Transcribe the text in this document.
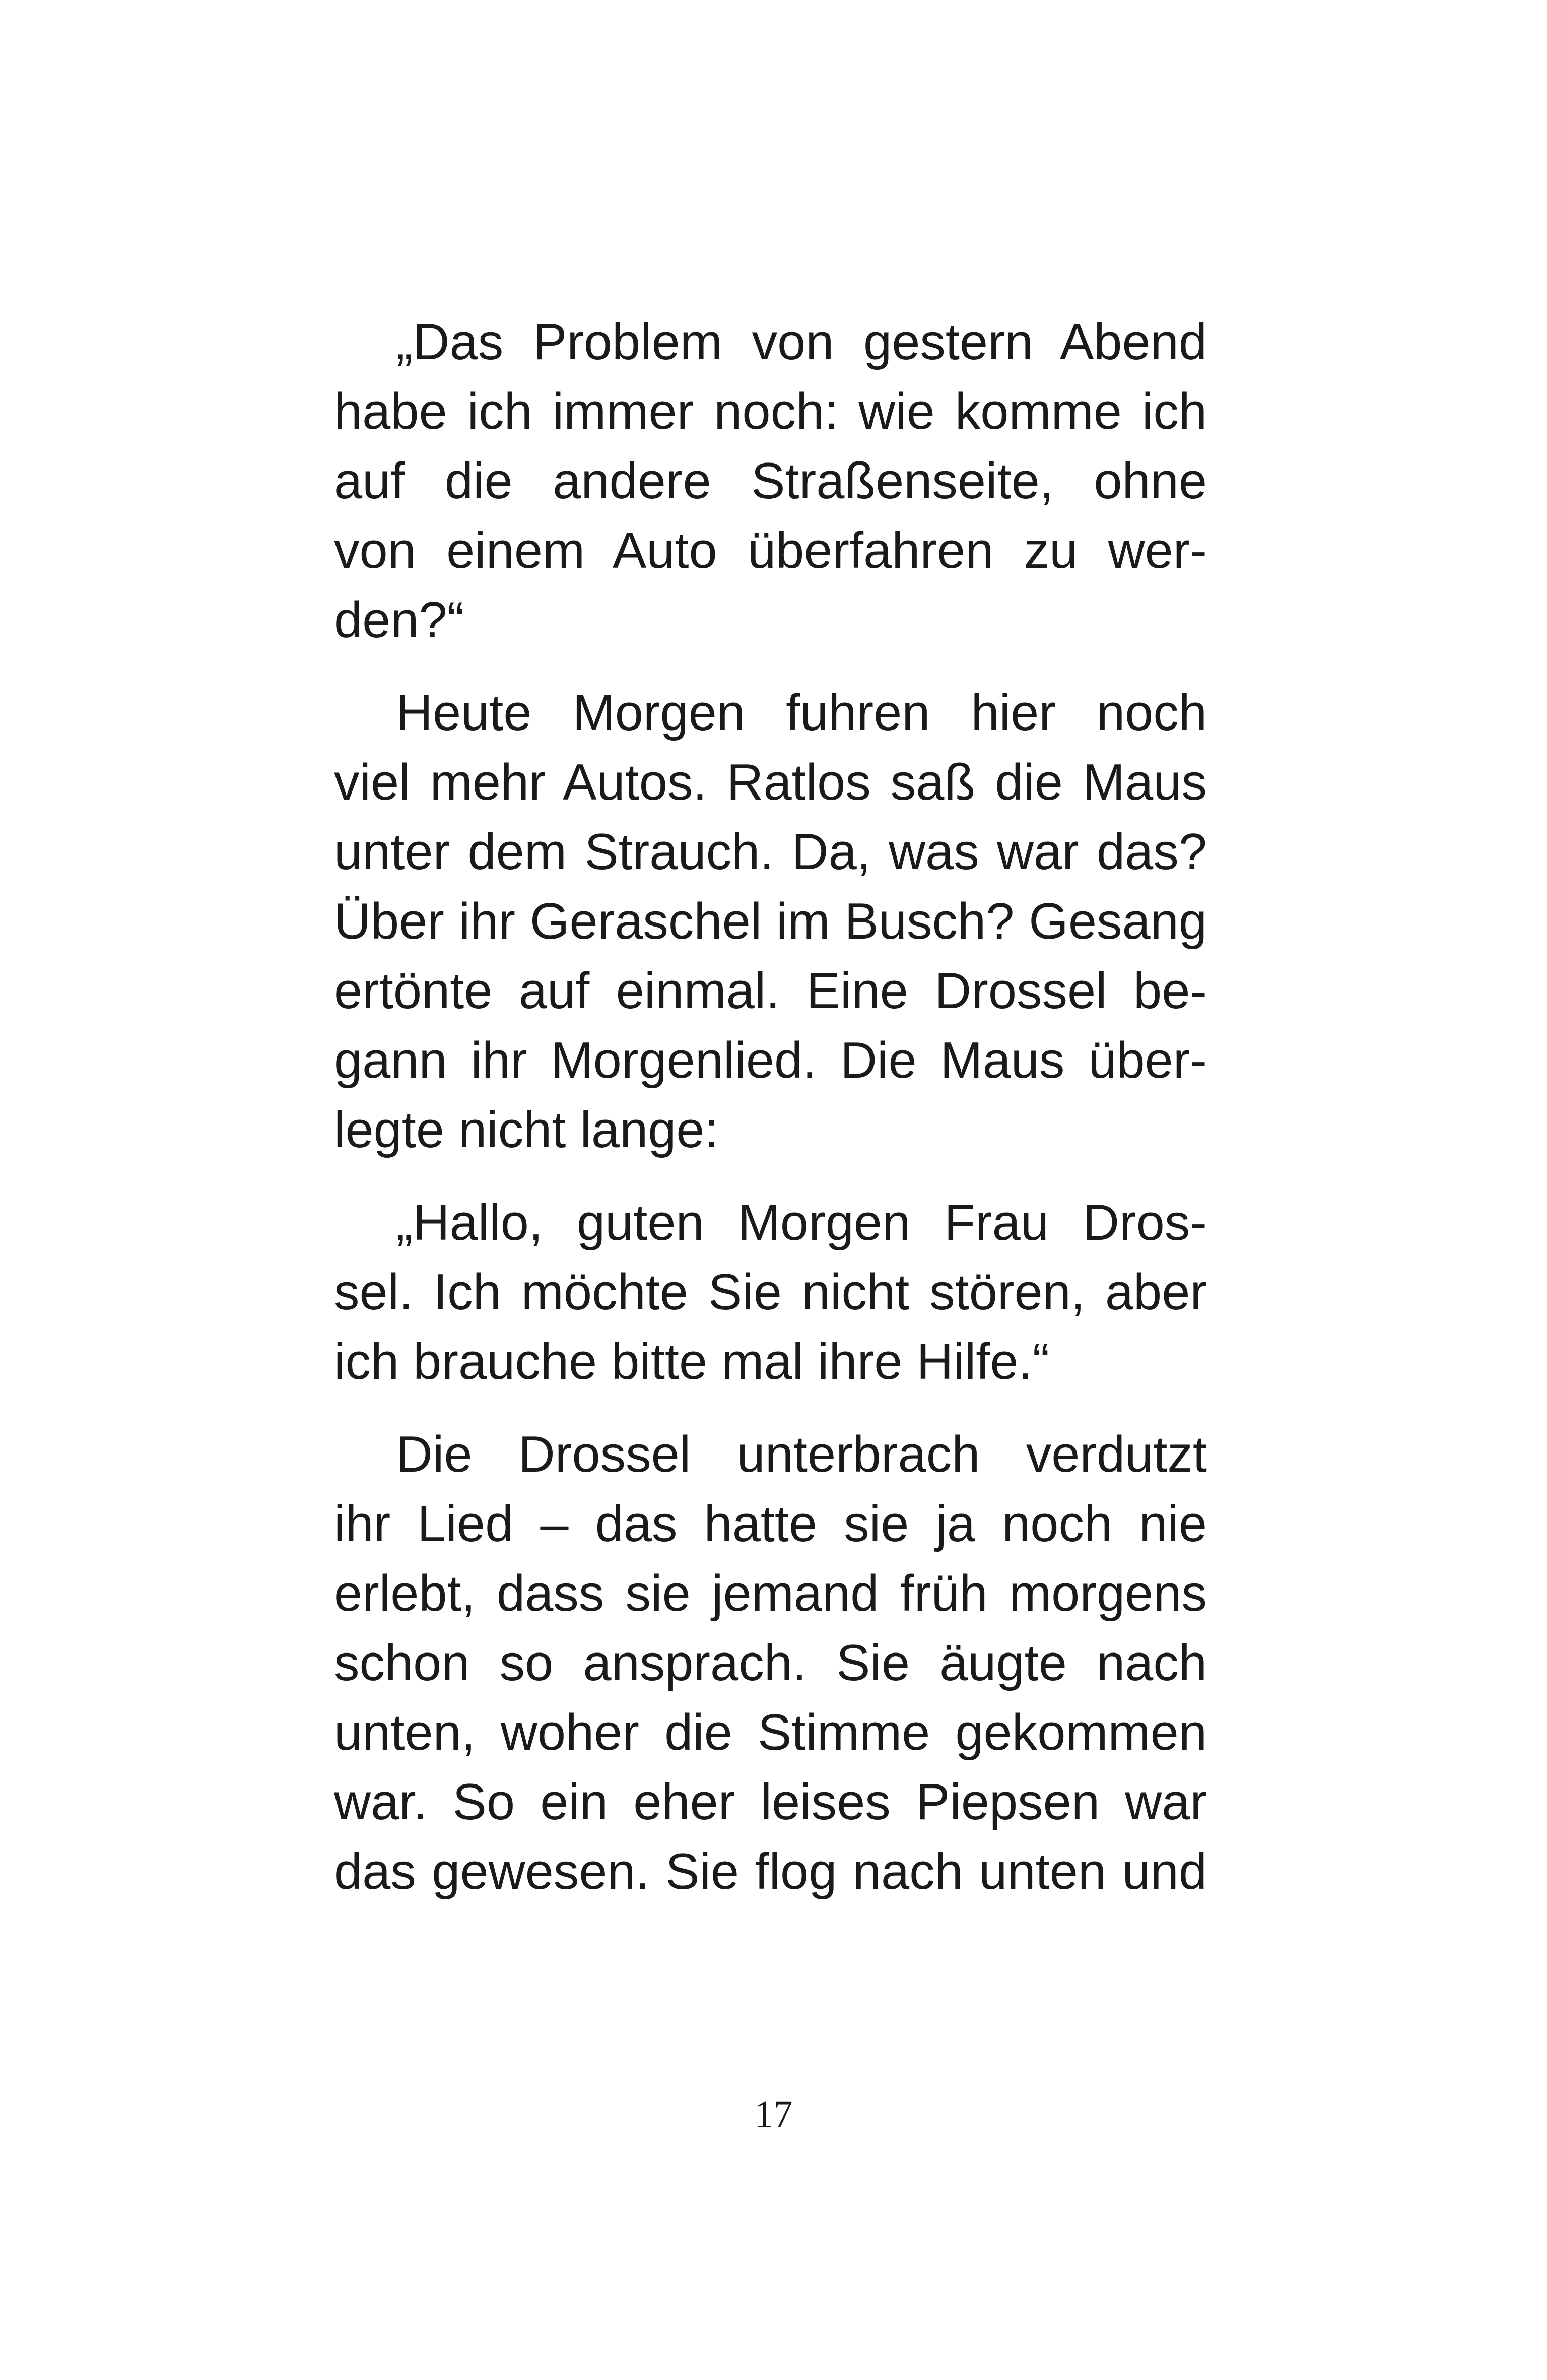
„Das Problem von gestern Abend
habe ich immer noch: wie komme ich
auf die andere Straßenseite, ohne
von einem Auto überfahren zu wer-
den?“
Heute Morgen fuhren hier noch
viel mehr Autos. Ratlos saß die Maus
unter dem Strauch. Da, was war das?
Über ihr Geraschel im Busch? Gesang
ertönte auf einmal. Eine Drossel be-
gann ihr Morgenlied. Die Maus über-
legte nicht lange:
„Hallo, guten Morgen Frau Dros-
sel. Ich möchte Sie nicht stören, aber
ich brauche bitte mal ihre Hilfe.“
Die Drossel unterbrach verdutzt
ihr Lied – das hatte sie ja noch nie
erlebt, dass sie jemand früh morgens
schon so ansprach. Sie äugte nach
unten, woher die Stimme gekommen
war. So ein eher leises Piepsen war
das gewesen. Sie flog nach unten und
17
